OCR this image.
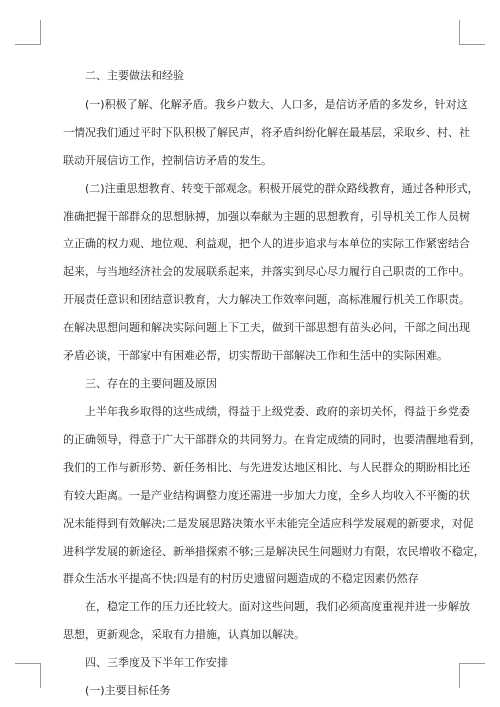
二、主要做法和经验
(一)积极了解、化解矛盾。我乡户数大、人口多，是信访矛盾的多发乡，针对这
一情况我们通过平时下队积极了解民声，将矛盾纠纷化解在最基层，采取乡、村、社
联动开展信访工作，控制信访矛盾的发生。
(二)注重思想教育、转变干部观念。积极开展党的群众路线教育，通过各种形式，
准确把握干部群众的思想脉搏，加强以奉献为主题的思想教育，引导机关工作人员树
立正确的权力观、地位观、利益观，把个人的进步追求与本单位的实际工作紧密结合
起来，与当地经济社会的发展联系起来，并落实到尽心尽力履行自己职责的工作中。
开展责任意识和团结意识教育，大力解决工作效率问题，高标准履行机关工作职责。
在解决思想问题和解决实际问题上下工夫，做到干部思想有苗头必问，干部之间出现
矛盾必谈，干部家中有困难必帮，切实帮助干部解决工作和生活中的实际困难。
三、存在的主要问题及原因
上半年我乡取得的这些成绩，得益于上级党委、政府的亲切关怀，得益于乡党委
的正确领导，得意于广大干部群众的共同努力。在肯定成绩的同时，也要清醒地看到，
我们的工作与新形势、新任务相比、与先进发达地区相比、与人民群众的期盼相比还
有较大距离。一是产业结构调整力度还需进一步加大力度，全乡人均收入不平衡的状
况未能得到有效解决;二是发展思路决策水平未能完全适应科学发展观的新要求，对促
进科学发展的新途径、新举措探索不够;三是解决民生问题财力有限，农民增收不稳定，
群众生活水平提高不快;四是有的村历史遗留问题造成的不稳定因素仍然存
在，稳定工作的压力还比较大。面对这些问题，我们必须高度重视并进一步解放
思想，更新观念，采取有力措施，认真加以解决。
四、三季度及下半年工作安排
(一)主要目标任务
